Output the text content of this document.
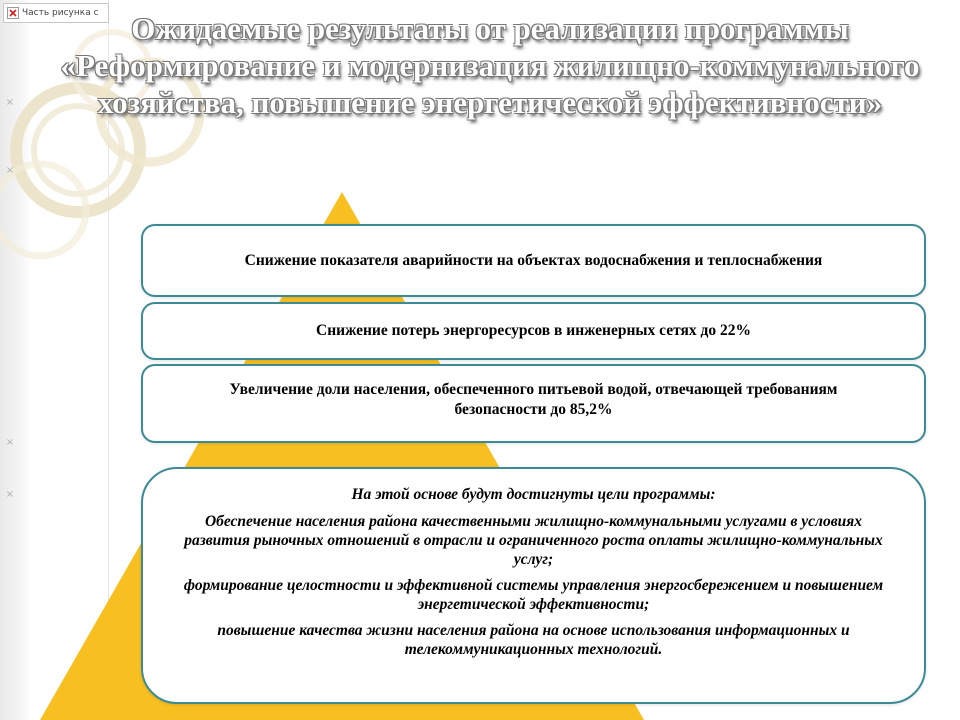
Часть рисунка с
×
×
×
×
Ожидаемые результаты от реализации программы «Реформирование и модернизация жилищно-коммунального хозяйства, повышение энергетической эффективности»
Снижение показателя аварийности на объектах водоснабжения и теплоснабжения
Снижение потерь энергоресурсов в инженерных сетях до 22%
Увеличение доли населения, обеспеченного питьевой водой, отвечающей требованиям безопасности до 85,2%

На этой основе будут достигнуты цели программы:

Обеспечение населения района качественными жилищно-коммунальными услугами в условиях развития рыночных отношений в отрасли и ограниченного роста оплаты жилищно-коммунальных услуг;

формирование целостности и эффективной системы управления энергосбережением и повышением энергетической эффективности;

повышение качества жизни населения района на основе использования информационных и телекоммуникационных технологий.
